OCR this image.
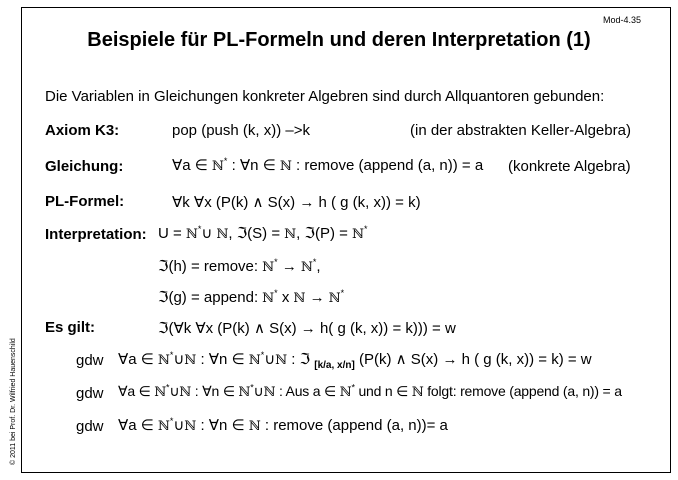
Mod-4.35
Beispiele für PL-Formeln und deren Interpretation (1)
© 2011 bei Prof. Dr. Wilfried Hauenschild
Die Variablen in Gleichungen konkreter Algebren sind durch Allquantoren gebunden:
Axiom K3:	pop (push (k, x)) –>k	(in der abstrakten Keller-Algebra)
Gleichung:	∀a ∈ ℕ* : ∀n ∈ ℕ : remove (append (a, n)) = a (konkrete Algebra)
PL-Formel:	∀k ∀x (P(k) ∧ S(x) → h ( g (k, x)) = k)
Interpretation: U = ℕ*∪ ℕ, ℑ(S) = ℕ, ℑ(P) = ℕ*
ℑ(h) = remove: ℕ* → ℕ*,
ℑ(g) = append: ℕ* x ℕ → ℕ*
Es gilt:	ℑ(∀k ∀x (P(k) ∧ S(x) → h( g (k, x)) = k))) = w
gdw ∀a ∈ ℕ*∪ℕ : ∀n ∈ ℕ*∪ℕ : ℑ $_{[k/a, x/n]}$ (P(k) ∧ S(x) → h ( g (k, x)) = k) = w
gdw ∀a ∈ ℕ*∪ℕ : ∀n ∈ ℕ*∪ℕ : Aus a ∈ ℕ* und n ∈ ℕ folgt: remove (append (a, n)) = a
gdw ∀a ∈ ℕ*∪ℕ : ∀n ∈ ℕ : remove (append (a, n))= a
